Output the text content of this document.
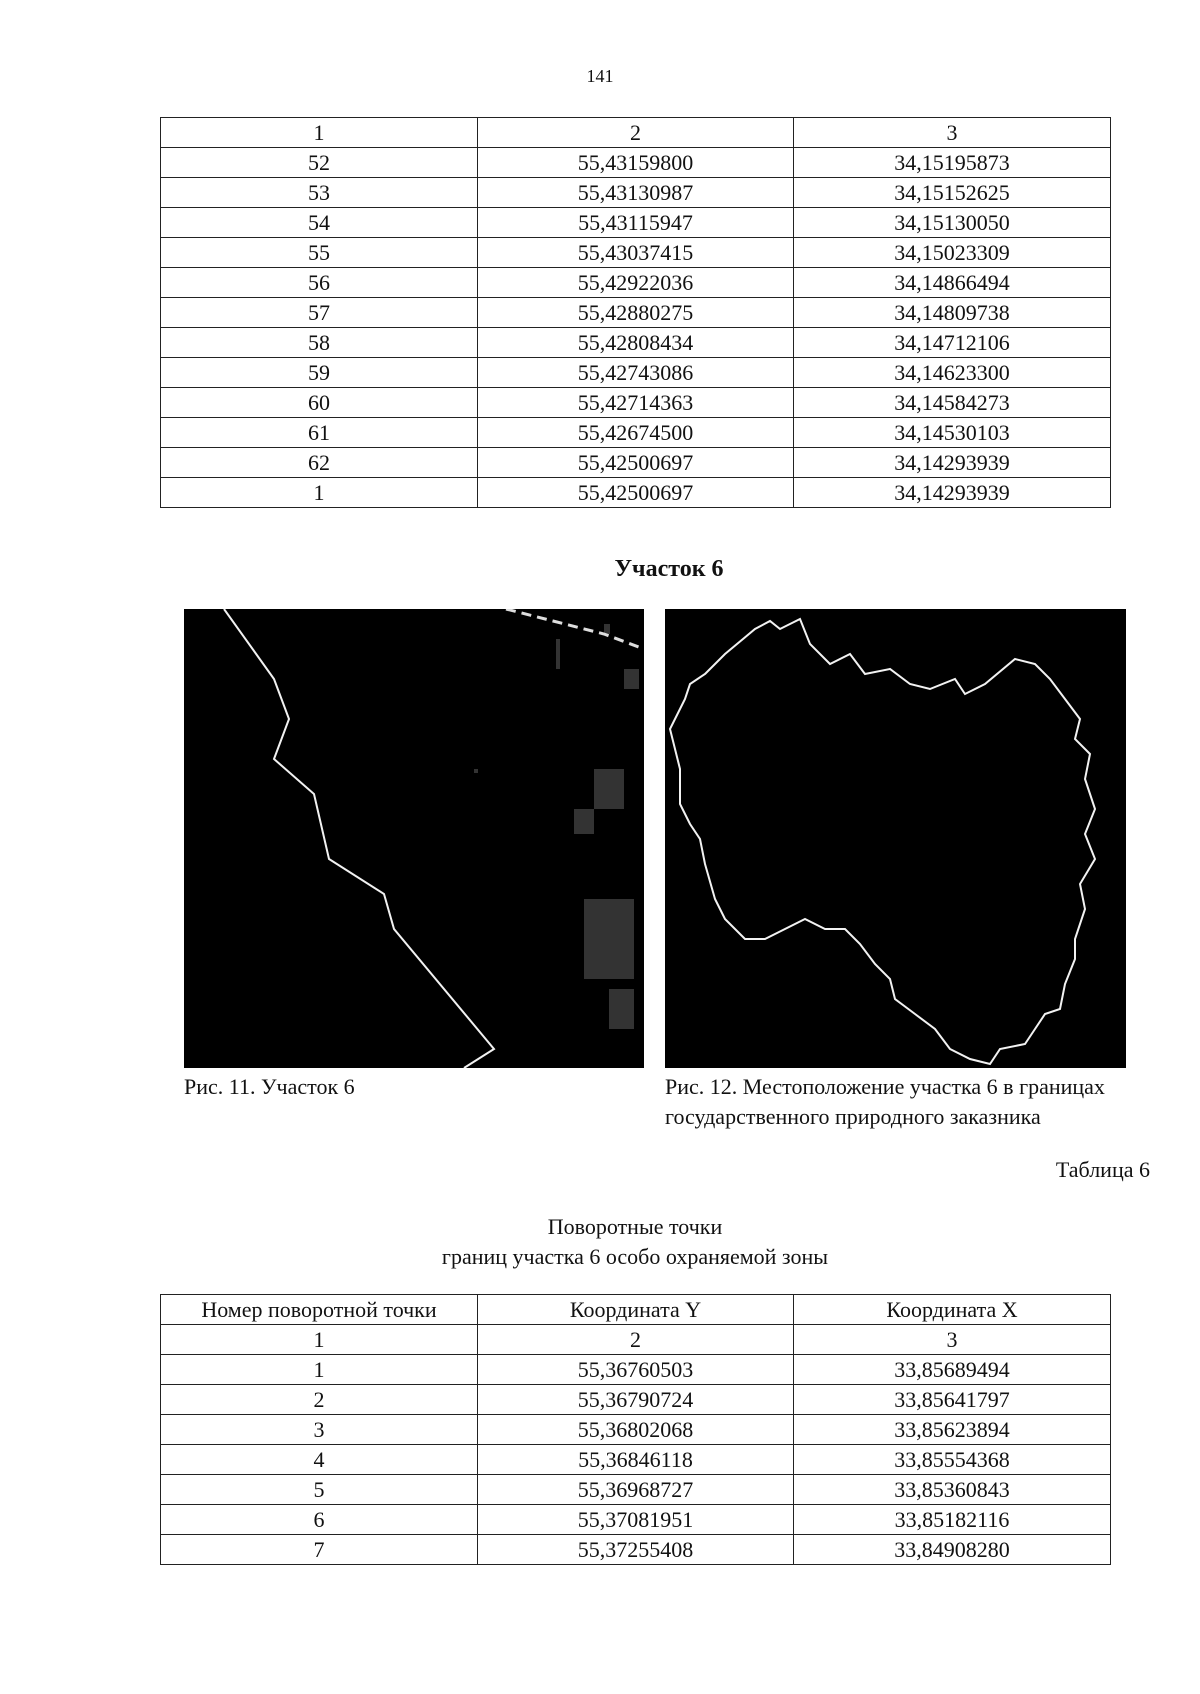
141
1	2	3
52	55,43159800	34,15195873
53	55,43130987	34,15152625
54	55,43115947	34,15130050
55	55,43037415	34,15023309
56	55,42922036	34,14866494
57	55,42880275	34,14809738
58	55,42808434	34,14712106
59	55,42743086	34,14623300
60	55,42714363	34,14584273
61	55,42674500	34,14530103
62	55,42500697	34,14293939
1	55,42500697	34,14293939
Участок 6
Рис. 11. Участок 6	Рис. 12. Местоположение участка 6 в границах
государственного природного заказника
Таблица 6
Поворотные точки
границ участка 6 особо охраняемой зоны
Номер поворотной точки	Координата Y	Координата X
1	2	3
1	55,36760503	33,85689494
2	55,36790724	33,85641797
3	55,36802068	33,85623894
4	55,36846118	33,85554368
5	55,36968727	33,85360843
6	55,37081951	33,85182116
7	55,37255408	33,84908280
